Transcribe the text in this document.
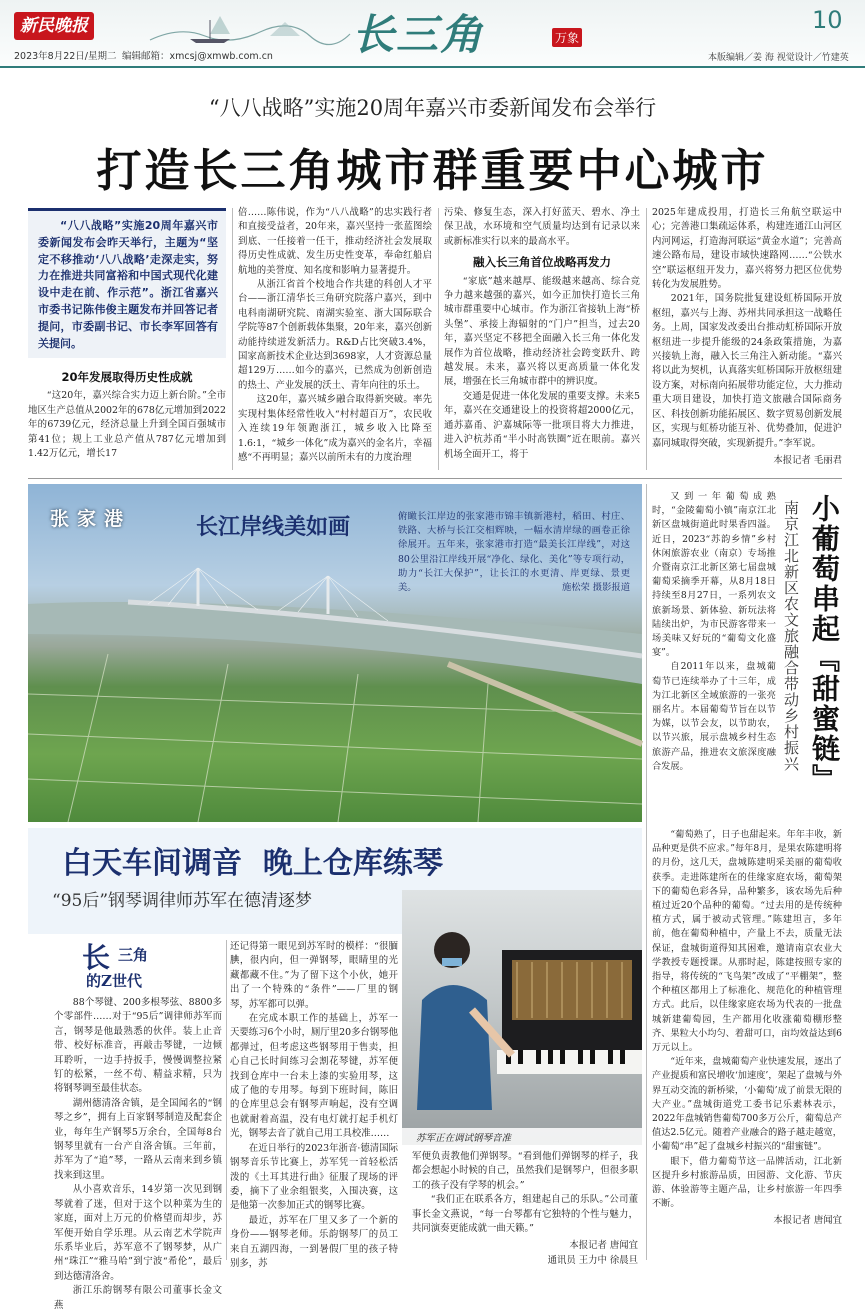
新民晚报
2023年8月22日/星期二 编辑邮箱：xmcsj@xmwb.com.cn 长三角	万象
10
本版编辑／姜 海 视觉设计／竹建英
“八八战略”实施20周年嘉兴市委新闻发布会举行
打造长三角城市群重要中心城市
“八八战略”实施20周年嘉兴市委新闻发布会昨天举行，主题为“坚定不移推动‘八八战略’走深走实，努力在推进共同富裕和中国式现代化建设中走在前、作示范”。浙江省嘉兴市委书记陈伟俊主题发布并回答记者提问，市委副书记、市长李军回答有关提问。
20年发展取得历史性成就

“这20年，嘉兴综合实力迈上新台阶。”全市地区生产总值从2002年的678亿元增加到2022年的6739亿元，经济总量上升到全国百强城市第41位；规上工业总产值从787亿元增加到1.42万亿元，增长17

倍……陈伟说，作为“八八战略”的忠实践行者和直接受益者，20年来，嘉兴坚持一张蓝图绘到底、一任接着一任干，推动经济社会发展取得历史性成就、发生历史性变革，奉命红船启航地的美誉度、知名度和影响力显著提升。

从浙江省首个校地合作共建的科创人才平台——浙江清华长三角研究院落户嘉兴，到中电科南湖研究院、南湖实验室、浙大国际联合学院等87个创新载体集聚，20年来，嘉兴创新动能持续迸发新活力。R&D占比突破3.4%，国家高新技术企业达到3698家，人才资源总量超129万……如今的嘉兴，已然成为创新创造的热土、产业发展的沃土、青年向往的乐土。

这20年，嘉兴城乡融合取得新突破。率先实现村集体经常性收入“村村超百万”，农民收入连续19年领跑浙江，城乡收入比降至1.6:1，“城乡一体化”成为嘉兴的金名片，幸福感“不再明显；嘉兴以前所未有的力度治理

污染、修复生态，深入打好蓝天、碧水、净土保卫战，水环境和空气质量均达到有记录以来或新标准实行以来的最高水平。

融入长三角首位战略再发力

“家底”越来越厚、能级越来越高、综合竞争力越来越强的嘉兴，如今正加快打造长三角城市群重要中心城市。作为浙江省接轨上海“桥头堡”、承接上海辐射的“门户”担当，过去20年，嘉兴坚定不移把全面融入长三角一体化发展作为首位战略，推动经济社会跨变跃升、跨越发展。未来，嘉兴将以更高质量一体化发展，增强在长三角城市群中的辨识度。

交通是促进一体化发展的重要支撑。未来5年，嘉兴在交通建设上的投资将超2000亿元，通苏嘉甬、沪嘉城际等一批项目将大力推进，进入沪杭苏甬“半小时高铁圈”近在眼前。嘉兴机场全面开工，将于

2025年建成投用，打造长三角航空联运中心；完善港口集疏运体系，构建连通江山河区内河网运，打造海河联运“黄金水道”；完善高速公路布局，建设市域快速路网……“公铁水空”联运枢纽开发力，嘉兴将努力把区位优势转化为发展胜势。

2021年，国务院批复建设虹桥国际开放枢纽，嘉兴与上海、苏州共同承担这一战略任务。上周，国家发改委出台推动虹桥国际开放枢纽进一步提升能级的24条政策措施，为嘉兴接轨上海，融入长三角注入新动能。“嘉兴将以此为契机，认真落实虹桥国际开放枢纽建设方案，对标南向拓展带功能定位，大力推动重大项目建设，加快打造文旅融合国际商务区、科技创新功能拓展区、数字贸易创新发展区，实现与虹桥功能互补、优势叠加，促进沪嘉同城取得突破，实现新提升。”李军说。

本报记者 毛丽君
张家港	长江岸线美如画	俯瞰长江岸边的张家港市锦丰镇新港村，稻田、村庄、铁路、大桥与长江交相辉映，一幅水清岸绿的画卷正徐徐展开。五年来，张家港市打造“最美长江岸线”，对这80公里沿江岸线开展“净化、绿化、美化”等专项行动，助力“长江大保护”，让长江的水更清、岸更绿、景更美。	施松荣 摄影报道
白天车间调音  晚上仓库练琴
“95后”钢琴调律师苏军在德清逐梦
苏军正在调试钢琴音准
长 三角
的Z世代

88个琴键、200多根琴弦、8800多个零部件……对于“95后”调律师苏军而言，钢琴是他最熟悉的伙伴。装上止音带、校好标准音，再敲击琴键，一边倾耳聆听，一边手持扳手，慢慢调整拉紧钉的松紧，一丝不苟、精益求精，只为将钢琴调至最佳状态。

湖州德清洛舍镇，是全国闻名的“钢琴之乡”，拥有上百家钢琴制造及配套企业，每年生产钢琴5万余台，全国每8台钢琴里就有一台产自洛舍镇。三年前，苏军为了“追”琴，一路从云南来到乡镇找来到这里。

从小喜欢音乐，14岁第一次见到钢琴就着了迷，但对于这个以种菜为生的家庭，面对上万元的价格望而却步，苏军便开始自学乐理。从云南艺术学院声乐系毕业后，苏军意不了钢琴梦，从广州“珠江”“雅马哈”到宁波“希伦”，最后到达德清洛舍。

浙江乐韵钢琴有限公司董事长金文燕

还记得第一眼见到苏军时的模样：“很腼腆，很内向，但一弹钢琴，眼睛里的光藏都藏不住。”为了留下这个小伙，她开出了一个特殊的“条件”——厂里的钢琴，苏军都可以弹。

在完成本职工作的基础上，苏军一天要练习6个小时，厕厅里20多台钢琴他都弹过，但考虑这些钢琴用于售卖，担心自己长时间练习会割花琴键，苏军便找到仓库中一台未上漆的实验用琴，这成了他的专用琴。每到下班时间，陈旧的仓库里总会有钢琴声响起，没有空调也就耐着高温，没有电灯就打起手机灯光，钢琴去音了就自己用工具校准……

在近日举行的2023年浙音·德清国际钢琴音乐节比赛上，苏军凭一首轻松活泼的《土耳其进行曲》征服了现场的评委，摘下了业余组银奖，入围决赛，这是他第一次参加正式的钢琴比赛。

最近，苏军在厂里又多了一个新的身份——钢琴老师。乐韵钢琴厂的员工来自五湖四海，一到暑假厂里的孩子特别多，苏

军便负责教他们弹钢琴。“看到他们弹钢琴的样子，我都会想起小时候的自己，虽然我们是钢琴户，但很多职工的孩子没有学琴的机会。”

“我们正在联系各方，组建起自己的乐队。”公司董事长金文燕说，“每一台琴都有它独特的个性与魅力，共同演奏更能成就一曲天籁。”

本报记者 唐闻宜
通讯员 王力中 徐晨旦

又到一年葡萄成熟时，“金陵葡萄小镇”南京江北新区盘城街道此时果香四溢。近日，2023“苏韵乡情”乡村休闲旅游农业（南京）专场推介暨南京江北新区第七届盘城葡萄采摘季开幕，从8月18日持续至8月27日，一系列农文旅新场景、新体验、新玩法将陆续出炉，为市民游客带来一场美味又好玩的“葡萄文化盛宴”。

自2011年以来，盘城葡萄节已连续举办了十三年，成为江北新区全域旅游的一张亮丽名片。本届葡萄节旨在以节为媒，以节会友，以节助农，以节兴旅，展示盘城乡村生态旅游产品，推进农文旅深度融合发展。	小葡萄串起『甜蜜链』
南京江北新区农文旅融合带动乡村振兴

“葡萄熟了，日子也甜起来。年年丰收，新品种更是供不应求。”每年8月，是果农陈建明将的月份，这几天，盘城陈建明采美丽的葡萄收获季。走进陈建所在的佳缘家庭农场，葡萄架下的葡萄色彩各异，品种繁多，该农场先后种植过近20个品种的葡萄。“过去用的是传统种植方式，属于被动式管理。”陈建坦言，多年前，他在葡萄种植中，产量上不去，质量无法保证，盘城街道得知其困难，邀请南京农业大学教授专题授课。从那时起，陈建按照专家的指导，将传统的“飞鸟架”改成了“平棚架”，整个种植区都用上了标准化、规范化的种植管理方式。此后，以佳缘家庭农场为代表的一批盘城新建葡萄园，生产都用化收涨葡萄棚形整齐、果粒大小均匀、着甜可口，亩均效益达到6万元以上。

“近年来，盘城葡萄产业快速发展，逐出了产业提质和富民增收‘加速度’，架起了盘城与外界互动交流的新桥梁，‘小葡萄’成了前景无限的大产业。”盘城街道党工委书记乐素林表示，2022年盘城销售葡萄700多万公斤，葡萄总产值达2.5亿元。随着产业融合的路子越走越宽，小葡萄“串”起了盘城乡村振兴的“甜蜜链”。

眼下，借力葡萄节这一品牌活动，江北新区提升乡村旅游品质，田园游、文化游、节庆游、体验游等主题产品，让乡村旅游一年四季不断。

本报记者 唐闻宜
